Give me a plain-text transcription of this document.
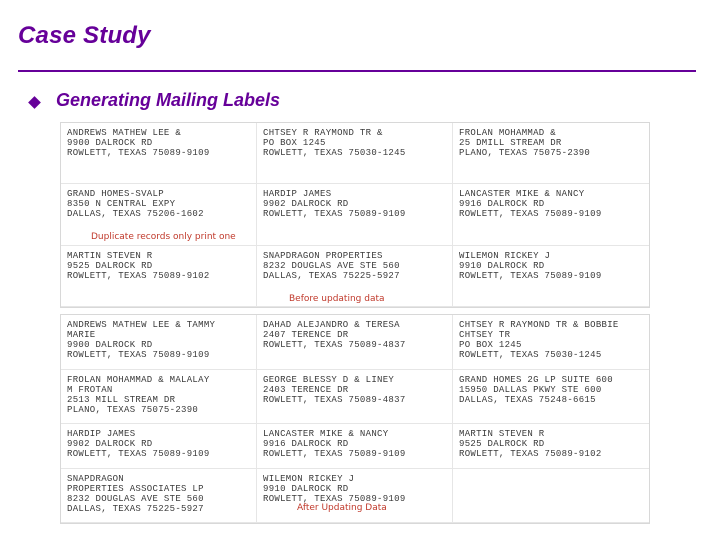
Case Study
Generating Mailing Labels
ANDREWS MATHEW LEE &
9900 DALROCK RD
ROWLETT, TEXAS 75089-9109
CHTSEY R RAYMOND TR &
PO BOX 1245
ROWLETT, TEXAS 75030-1245
FROLAN MOHAMMAD &
25 DMILL STREAM DR
PLANO, TEXAS 75075-2390
GRAND HOMES-SVALP
8350 N CENTRAL EXPY
DALLAS, TEXAS 75206-1602
HARDIP JAMES
9902 DALROCK RD
ROWLETT, TEXAS 75089-9109
LANCASTER MIKE & NANCY
9916 DALROCK RD
ROWLETT, TEXAS 75089-9109
MARTIN STEVEN R
9525 DALROCK RD
ROWLETT, TEXAS 75089-9102
SNAPDRAGON PROPERTIES
8232 DOUGLAS AVE STE 560
DALLAS, TEXAS 75225-5927
WILEMON RICKEY J
9910 DALROCK RD
ROWLETT, TEXAS 75089-9109
Duplicate records only print one
Before updating data
ANDREWS MATHEW LEE & TAMMY
MARIE
9900 DALROCK RD
ROWLETT, TEXAS 75089-9109
DAHAD ALEJANDRO & TERESA
2407 TERENCE DR
ROWLETT, TEXAS 75089-4837
CHTSEY R RAYMOND TR & BOBBIE
CHTSEY TR
PO BOX 1245
ROWLETT, TEXAS 75030-1245
FROLAN MOHAMMAD & MALALAY
M FROTAN
2513 MILL STREAM DR
PLANO, TEXAS 75075-2390
GEORGE BLESSY D & LINEY
2403 TERENCE DR
ROWLETT, TEXAS 75089-4837
GRAND HOMES 2G LP SUITE 600
15950 DALLAS PKWY STE 600
DALLAS, TEXAS 75248-6615
HARDIP JAMES
9902 DALROCK RD
ROWLETT, TEXAS 75089-9109
LANCASTER MIKE & NANCY
9916 DALROCK RD
ROWLETT, TEXAS 75089-9109
MARTIN STEVEN R
9525 DALROCK RD
ROWLETT, TEXAS 75089-9102
SNAPDRAGON
PROPERTIES ASSOCIATES LP
8232 DOUGLAS AVE STE 560
DALLAS, TEXAS 75225-5927
WILEMON RICKEY J
9910 DALROCK RD
ROWLETT, TEXAS 75089-9109
After Updating Data
